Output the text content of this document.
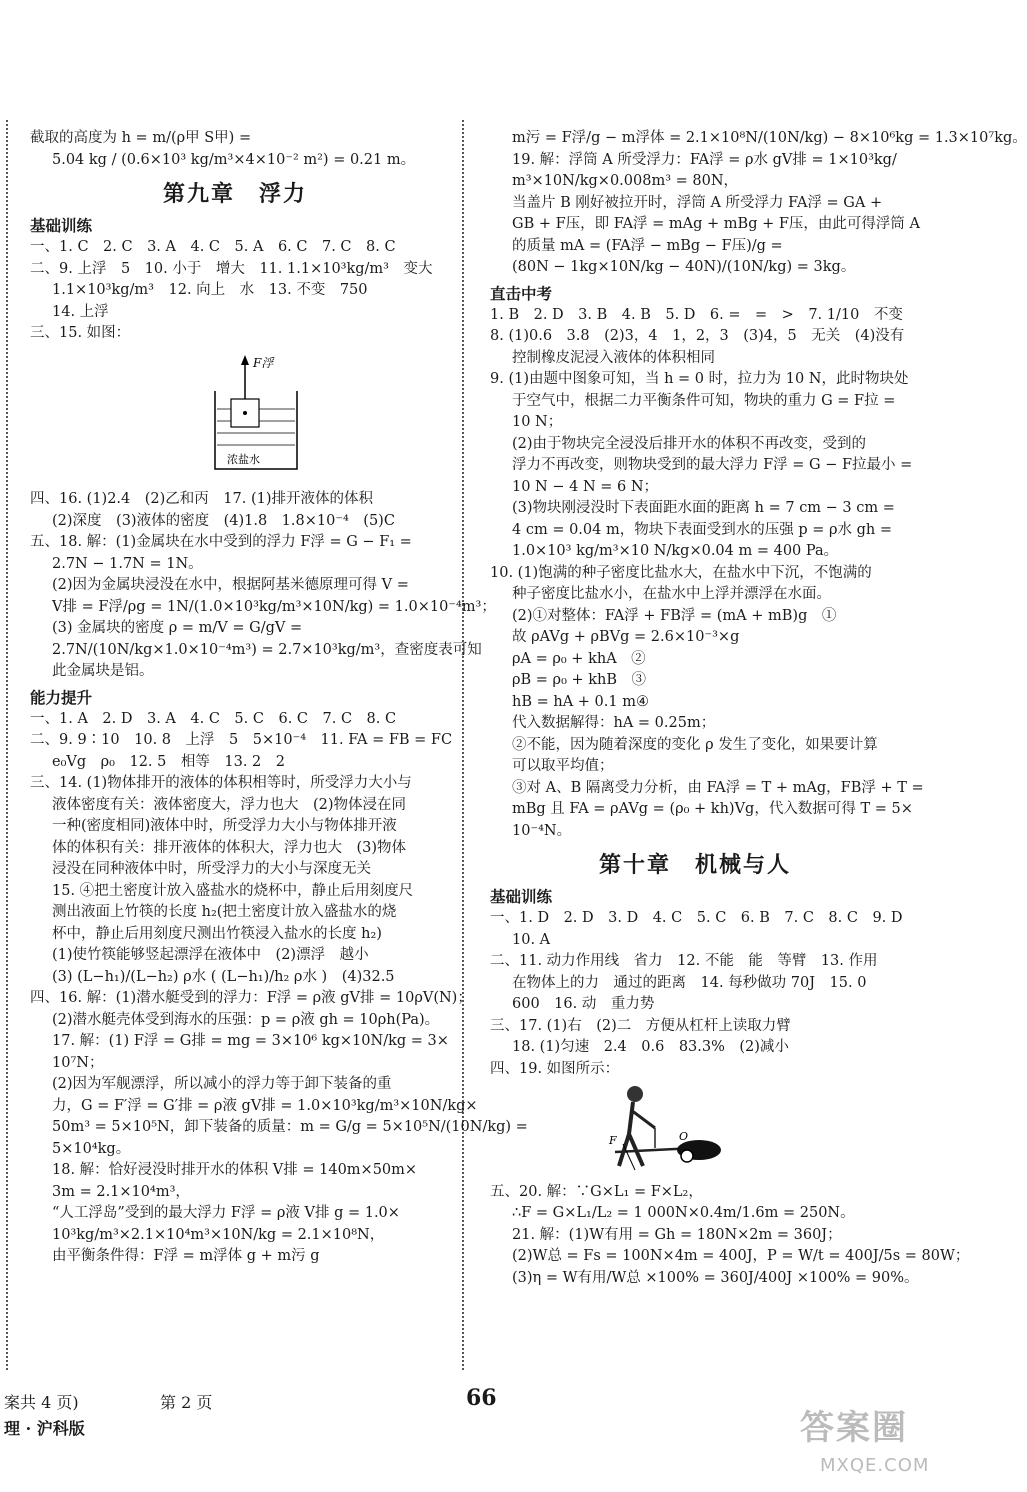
截取的高度为 h = m/(ρ甲 S甲) =
5.04 kg / (0.6×10³ kg/m³×4×10⁻² m²) = 0.21 m。
第九章　浮力
基础训练
一、1. C　2. C　3. A　4. C　5. A　6. C　7. C　8. C
二、9. 上浮　5　10. 小于　增大　11. 1.1×10³kg/m³　变大
1.1×10³kg/m³　12. 向上　水　13. 不变　750
14. 上浮
三、15. 如图：
F浮
浓盐水
四、16. (1)2.4　(2)乙和丙　17. (1)排开液体的体积
(2)深度　(3)液体的密度　(4)1.8　1.8×10⁻⁴　(5)C
五、18. 解：(1)金属块在水中受到的浮力 F浮 = G − F₁ =
2.7N − 1.7N = 1N。
(2)因为金属块浸没在水中，根据阿基米德原理可得 V =
V排 = F浮/ρg = 1N/(1.0×10³kg/m³×10N/kg) = 1.0×10⁻⁴m³；
(3) 金属块的密度 ρ = m/V = G/gV =
2.7N/(10N/kg×1.0×10⁻⁴m³) = 2.7×10³kg/m³，查密度表可知
此金属块是铝。
能力提升
一、1. A　2. D　3. A　4. C　5. C　6. C　7. C　8. C
二、9. 9∶10　10. 8　上浮　5　5×10⁻⁴　11. FA = FB = FC
e₀Vg　ρ₀　12. 5　相等　13. 2　2
三、14. (1)物体排开的液体的体积相等时，所受浮力大小与
液体密度有关：液体密度大，浮力也大　(2)物体浸在同
一种(密度相同)液体中时，所受浮力大小与物体排开液
体的体积有关：排开液体的体积大，浮力也大　(3)物体
浸没在同种液体中时，所受浮力的大小与深度无关
15. ④把土密度计放入盛盐水的烧杯中，静止后用刻度尺
测出液面上竹筷的长度 h₂(把土密度计放入盛盐水的烧
杯中，静止后用刻度尺测出竹筷浸入盐水的长度 h₂)
(1)使竹筷能够竖起漂浮在液体中　(2)漂浮　越小
(3) (L−h₁)/(L−h₂) ρ水 ( (L−h₁)/h₂ ρ水 )　(4)32.5
四、16. 解：(1)潜水艇受到的浮力：F浮 = ρ液 gV排 = 10ρV(N)；
(2)潜水艇壳体受到海水的压强：p = ρ液 gh = 10ρh(Pa)。
17. 解：(1) F浮 = G排 = mg = 3×10⁶ kg×10N/kg = 3×
10⁷N；
(2)因为军舰漂浮，所以减小的浮力等于卸下装备的重
力，G = F′浮 = G′排 = ρ液 gV排 = 1.0×10³kg/m³×10N/kg×
50m³ = 5×10⁵N，卸下装备的质量：m = G/g = 5×10⁵N/(10N/kg) =
5×10⁴kg。
18. 解：恰好浸没时排开水的体积 V排 = 140m×50m×
3m = 2.1×10⁴m³，
“人工浮岛”受到的最大浮力 F浮 = ρ液 V排 g = 1.0×
10³kg/m³×2.1×10⁴m³×10N/kg = 2.1×10⁸N，
由平衡条件得：F浮 = m浮体 g + m污 g
m污 = F浮/g − m浮体 = 2.1×10⁸N/(10N/kg) − 8×10⁶kg = 1.3×10⁷kg。
19. 解：浮筒 A 所受浮力：FA浮 = ρ水 gV排 = 1×10³kg/
m³×10N/kg×0.008m³ = 80N，
当盖片 B 刚好被拉开时，浮筒 A 所受浮力 FA浮 = GA +
GB + F压，即 FA浮 = mAg + mBg + F压，由此可得浮筒 A
的质量 mA = (FA浮 − mBg − F压)/g =
(80N − 1kg×10N/kg − 40N)/(10N/kg) = 3kg。
直击中考
1. B　2. D　3. B　4. B　5. D　6. =　=　>　7. 1/10　不变
8. (1)0.6　3.8　(2)3，4　1，2，3　(3)4，5　无关　(4)没有
控制橡皮泥浸入液体的体积相同
9. (1)由题中图象可知，当 h = 0 时，拉力为 10 N，此时物块处
于空气中，根据二力平衡条件可知，物块的重力 G = F拉 =
10 N；
(2)由于物块完全浸没后排开水的体积不再改变，受到的
浮力不再改变，则物块受到的最大浮力 F浮 = G − F拉最小 =
10 N − 4 N = 6 N；
(3)物块刚浸没时下表面距水面的距离 h = 7 cm − 3 cm =
4 cm = 0.04 m，物块下表面受到水的压强 p = ρ水 gh =
1.0×10³ kg/m³×10 N/kg×0.04 m = 400 Pa。
10. (1)饱满的种子密度比盐水大，在盐水中下沉，不饱满的
种子密度比盐水小，在盐水中上浮并漂浮在水面。
(2)①对整体：FA浮 + FB浮 = (mA + mB)g　①
故 ρAVg + ρBVg = 2.6×10⁻³×g
ρA = ρ₀ + khA　②
ρB = ρ₀ + khB　③
hB = hA + 0.1 m④
代入数据解得：hA = 0.25m；
②不能，因为随着深度的变化 ρ 发生了变化，如果要计算
可以取平均值；
③对 A、B 隔离受力分析，由 FA浮 = T + mAg，FB浮 + T =
mBg 且 FA = ρAVg = (ρ₀ + kh)Vg，代入数据可得 T = 5×
10⁻⁴N。
第十章　机械与人
基础训练
一、1. D　2. D　3. D　4. C　5. C　6. B　7. C　8. C　9. D
10. A
二、11. 动力作用线　省力　12. 不能　能　等臂　13. 作用
在物体上的力　通过的距离　14. 每秒做功 70J　15. 0
600　16. 动　重力势
三、17. (1)右　(2)二　方便从杠杆上读取力臂
18. (1)匀速　2.4　0.6　83.3%　(2)减小
四、19. 如图所示：
F	O
五、20. 解：∵G×L₁ = F×L₂，
∴F = G×L₁/L₂ = 1 000N×0.4m/1.6m = 250N。
21. 解：(1)W有用 = Gh = 180N×2m = 360J；
(2)W总 = Fs = 100N×4m = 400J，P = W/t = 400J/5s = 80W；
(3)η = W有用/W总 ×100% = 360J/400J ×100% = 90%。
案共 4 页)	第 2 页
理 · 沪科版
66
答案圈
MXQE.COM
